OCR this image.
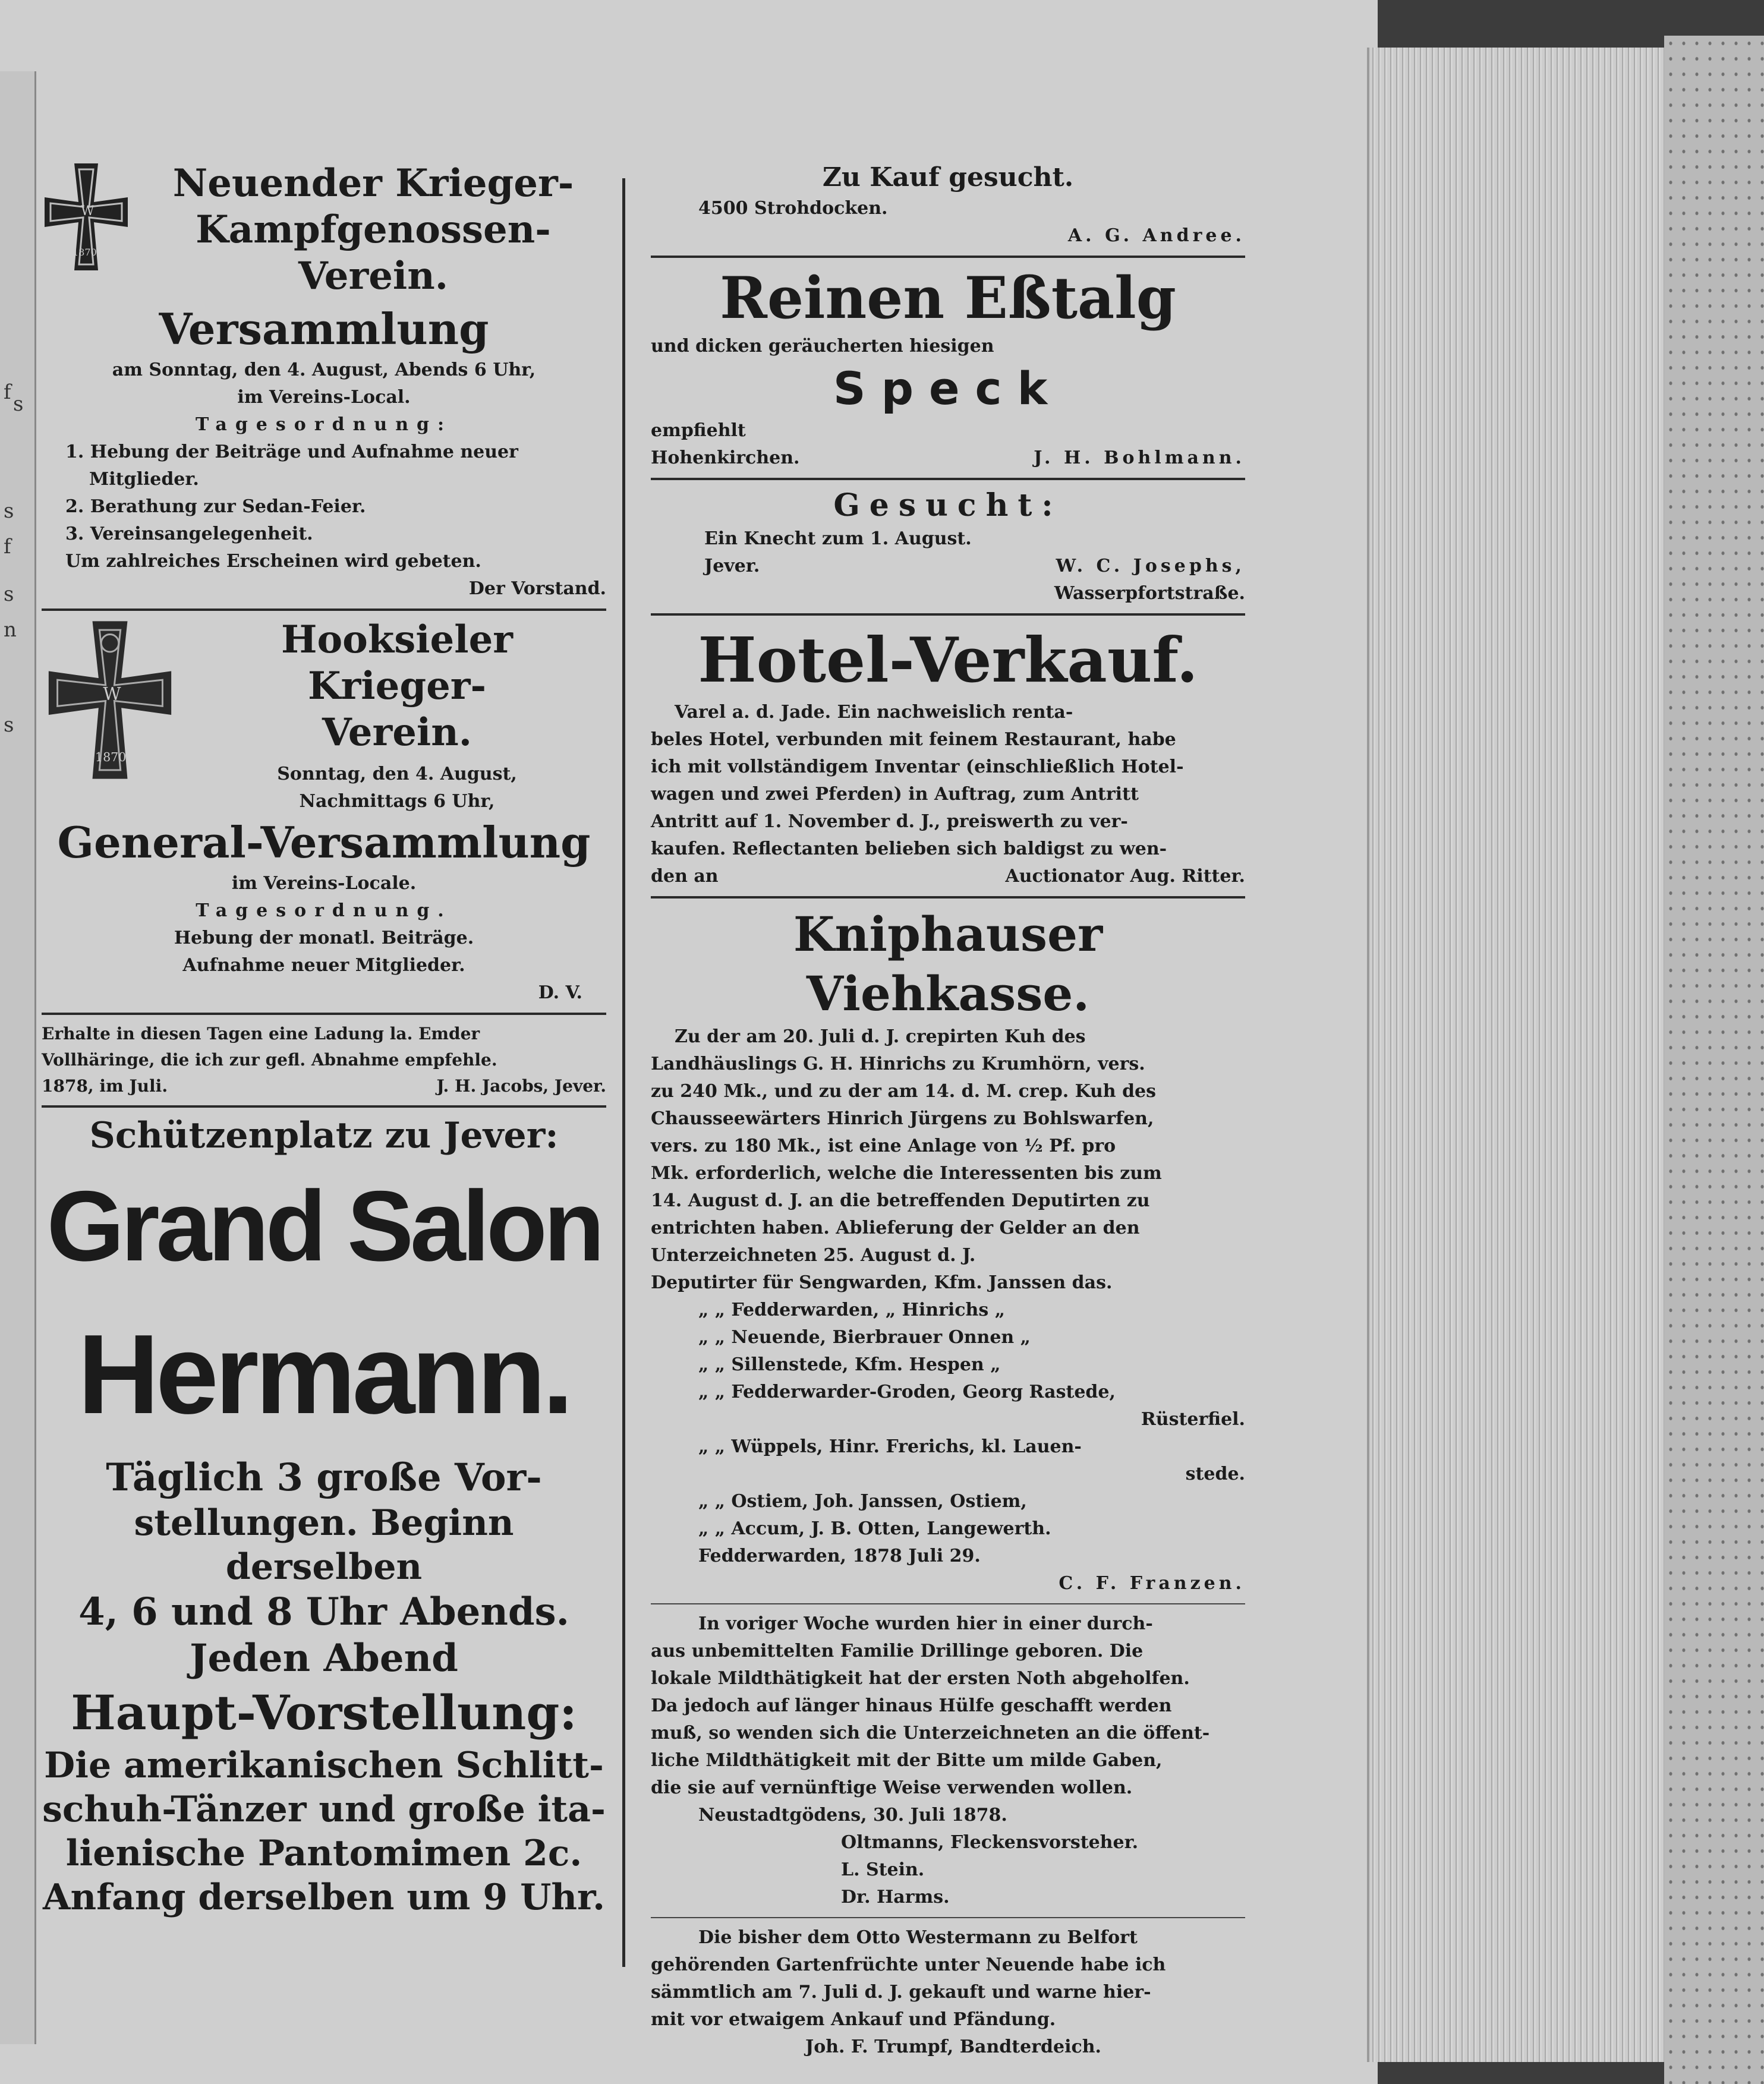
f s
s
f
s
n
s
W
1870
Neuender Krieger-
Kampfgenossen-Verein.
Versammlung
am Sonntag, den 4. August, Abends 6 Uhr,
im Vereins-Local.
Tagesordnung:
1. Hebung der Beiträge und Aufnahme neuer
Mitglieder.
2. Berathung zur Sedan-Feier.
3. Vereinsangelegenheit.
Um zahlreiches Erscheinen wird gebeten.
Der Vorstand.
W
1870
Hooksieler Krieger-
Verein.
Sonntag, den 4. August,
Nachmittags 6 Uhr,
General-Versammlung
im Vereins-Locale.
Tagesordnung.
Hebung der monatl. Beiträge.
Aufnahme neuer Mitglieder.
D. V.
Erhalte in diesen Tagen eine Ladung la. Emder
Vollhäringe, die ich zur gefl. Abnahme empfehle.
1878, im Juli.	J. H. Jacobs, Jever.
Schützenplatz zu Jever:
Grand Salon
Hermann.
Täglich 3 große Vor-
stellungen. Beginn derselben
4, 6 und 8 Uhr Abends.
Jeden Abend
Haupt-Vorstellung:
Die amerikanischen Schlitt-
schuh-Tänzer und große ita-
lienische Pantomimen 2c.
Anfang derselben um 9 Uhr.
Zu Kauf gesucht.
4500 Strohdocken.
A. G. Andree.
Reinen Eßtalg
und dicken geräucherten hiesigen
Speck
empfiehlt
Hohenkirchen.	J. H. Bohlmann.
Gesucht:
Ein Knecht zum 1. August.
Jever.	W. C. Josephs,
Wasserpfortstraße.
Hotel-Verkauf.
Varel a. d. Jade. Ein nachweislich renta-
beles Hotel, verbunden mit feinem Restaurant, habe
ich mit vollständigem Inventar (einschließlich Hotel-
wagen und zwei Pferden) in Auftrag, zum Antritt
Antritt auf 1. November d. J., preiswerth zu ver-
kaufen. Reflectanten belieben sich baldigst zu wen-
den an	Auctionator Aug. Ritter.
Kniphauser Viehkasse.
Zu der am 20. Juli d. J. crepirten Kuh des
Landhäuslings G. H. Hinrichs zu Krumhörn, vers.
zu 240 Mk., und zu der am 14. d. M. crep. Kuh des
Chausseewärters Hinrich Jürgens zu Bohlswarfen,
vers. zu 180 Mk., ist eine Anlage von ½ Pf. pro
Mk. erforderlich, welche die Interessenten bis zum
14. August d. J. an die betreffenden Deputirten zu
entrichten haben. Ablieferung der Gelder an den
Unterzeichneten 25. August d. J.
Deputirter für Sengwarden, Kfm. Janssen das.
„ „ Fedderwarden, „ Hinrichs „
„ „ Neuende, Bierbrauer Onnen „
„ „ Sillenstede, Kfm. Hespen „
„ „ Fedderwarder-Groden, Georg Rastede,
Rüsterfiel.
„ „ Wüppels, Hinr. Frerichs, kl. Lauen-
stede.
„ „ Ostiem, Joh. Janssen, Ostiem,
„ „ Accum, J. B. Otten, Langewerth.
Fedderwarden, 1878 Juli 29.
C. F. Franzen.
In voriger Woche wurden hier in einer durch-
aus unbemittelten Familie Drillinge geboren. Die
lokale Mildthätigkeit hat der ersten Noth abgeholfen.
Da jedoch auf länger hinaus Hülfe geschafft werden
muß, so wenden sich die Unterzeichneten an die öffent-
liche Mildthätigkeit mit der Bitte um milde Gaben,
die sie auf vernünftige Weise verwenden wollen.
Neustadtgödens, 30. Juli 1878.
Oltmanns, Fleckensvorsteher.
L. Stein.
Dr. Harms.
Die bisher dem Otto Westermann zu Belfort
gehörenden Gartenfrüchte unter Neuende habe ich
sämmtlich am 7. Juli d. J. gekauft und warne hier-
mit vor etwaigem Ankauf und Pfändung.
Joh. F. Trumpf, Bandterdeich.
